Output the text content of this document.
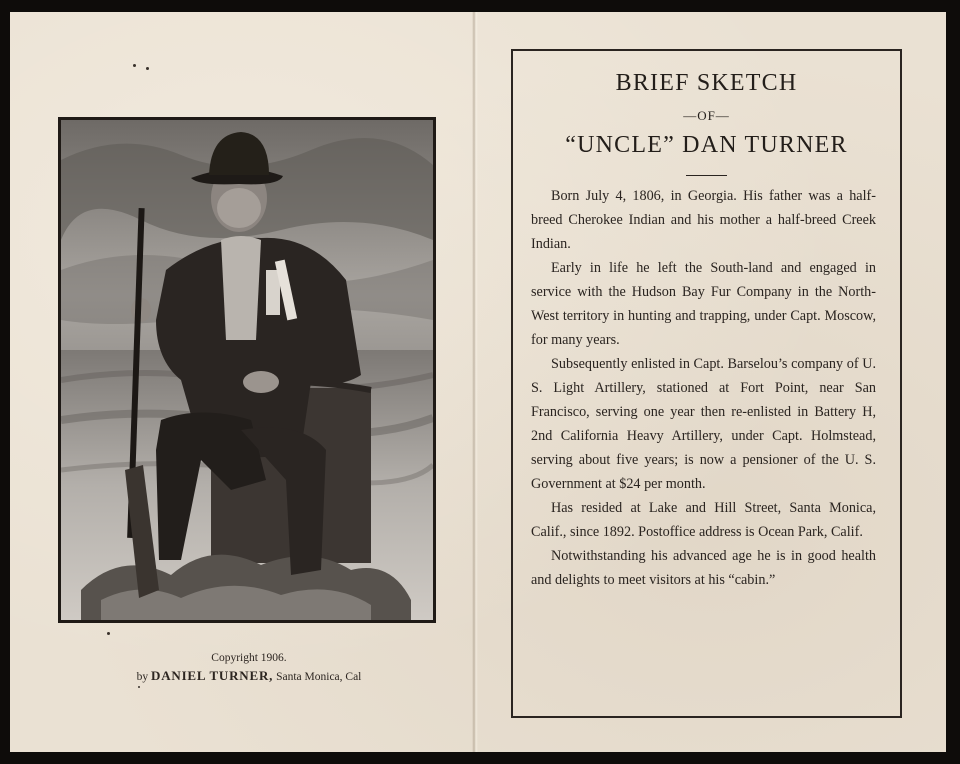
Copyright 1906.
by DANIEL TURNER, Santa Monica, Cal
BRIEF SKETCH
—OF—
“UNCLE” DAN TURNER

Born July 4, 1806, in Georgia. His father was a half-breed Cherokee Indian and his mother a half-breed Creek Indian.

Early in life he left the South-land and engaged in service with the Hudson Bay Fur Company in the North-West territory in hunting and trapping, under Capt. Moscow, for many years.

Subsequently enlisted in Capt. Barselou’s company of U. S. Light Artillery, stationed at Fort Point, near San Francisco, serving one year then re-enlisted in Battery H, 2nd California Heavy Artillery, under Capt. Holmstead, serving about five years; is now a pensioner of the U. S. Government at $24 per month.

Has resided at Lake and Hill Street, Santa Monica, Calif., since 1892. Postoffice address is Ocean Park, Calif.

Notwithstanding his advanced age he is in good health and delights to meet visitors at his “cabin.”
